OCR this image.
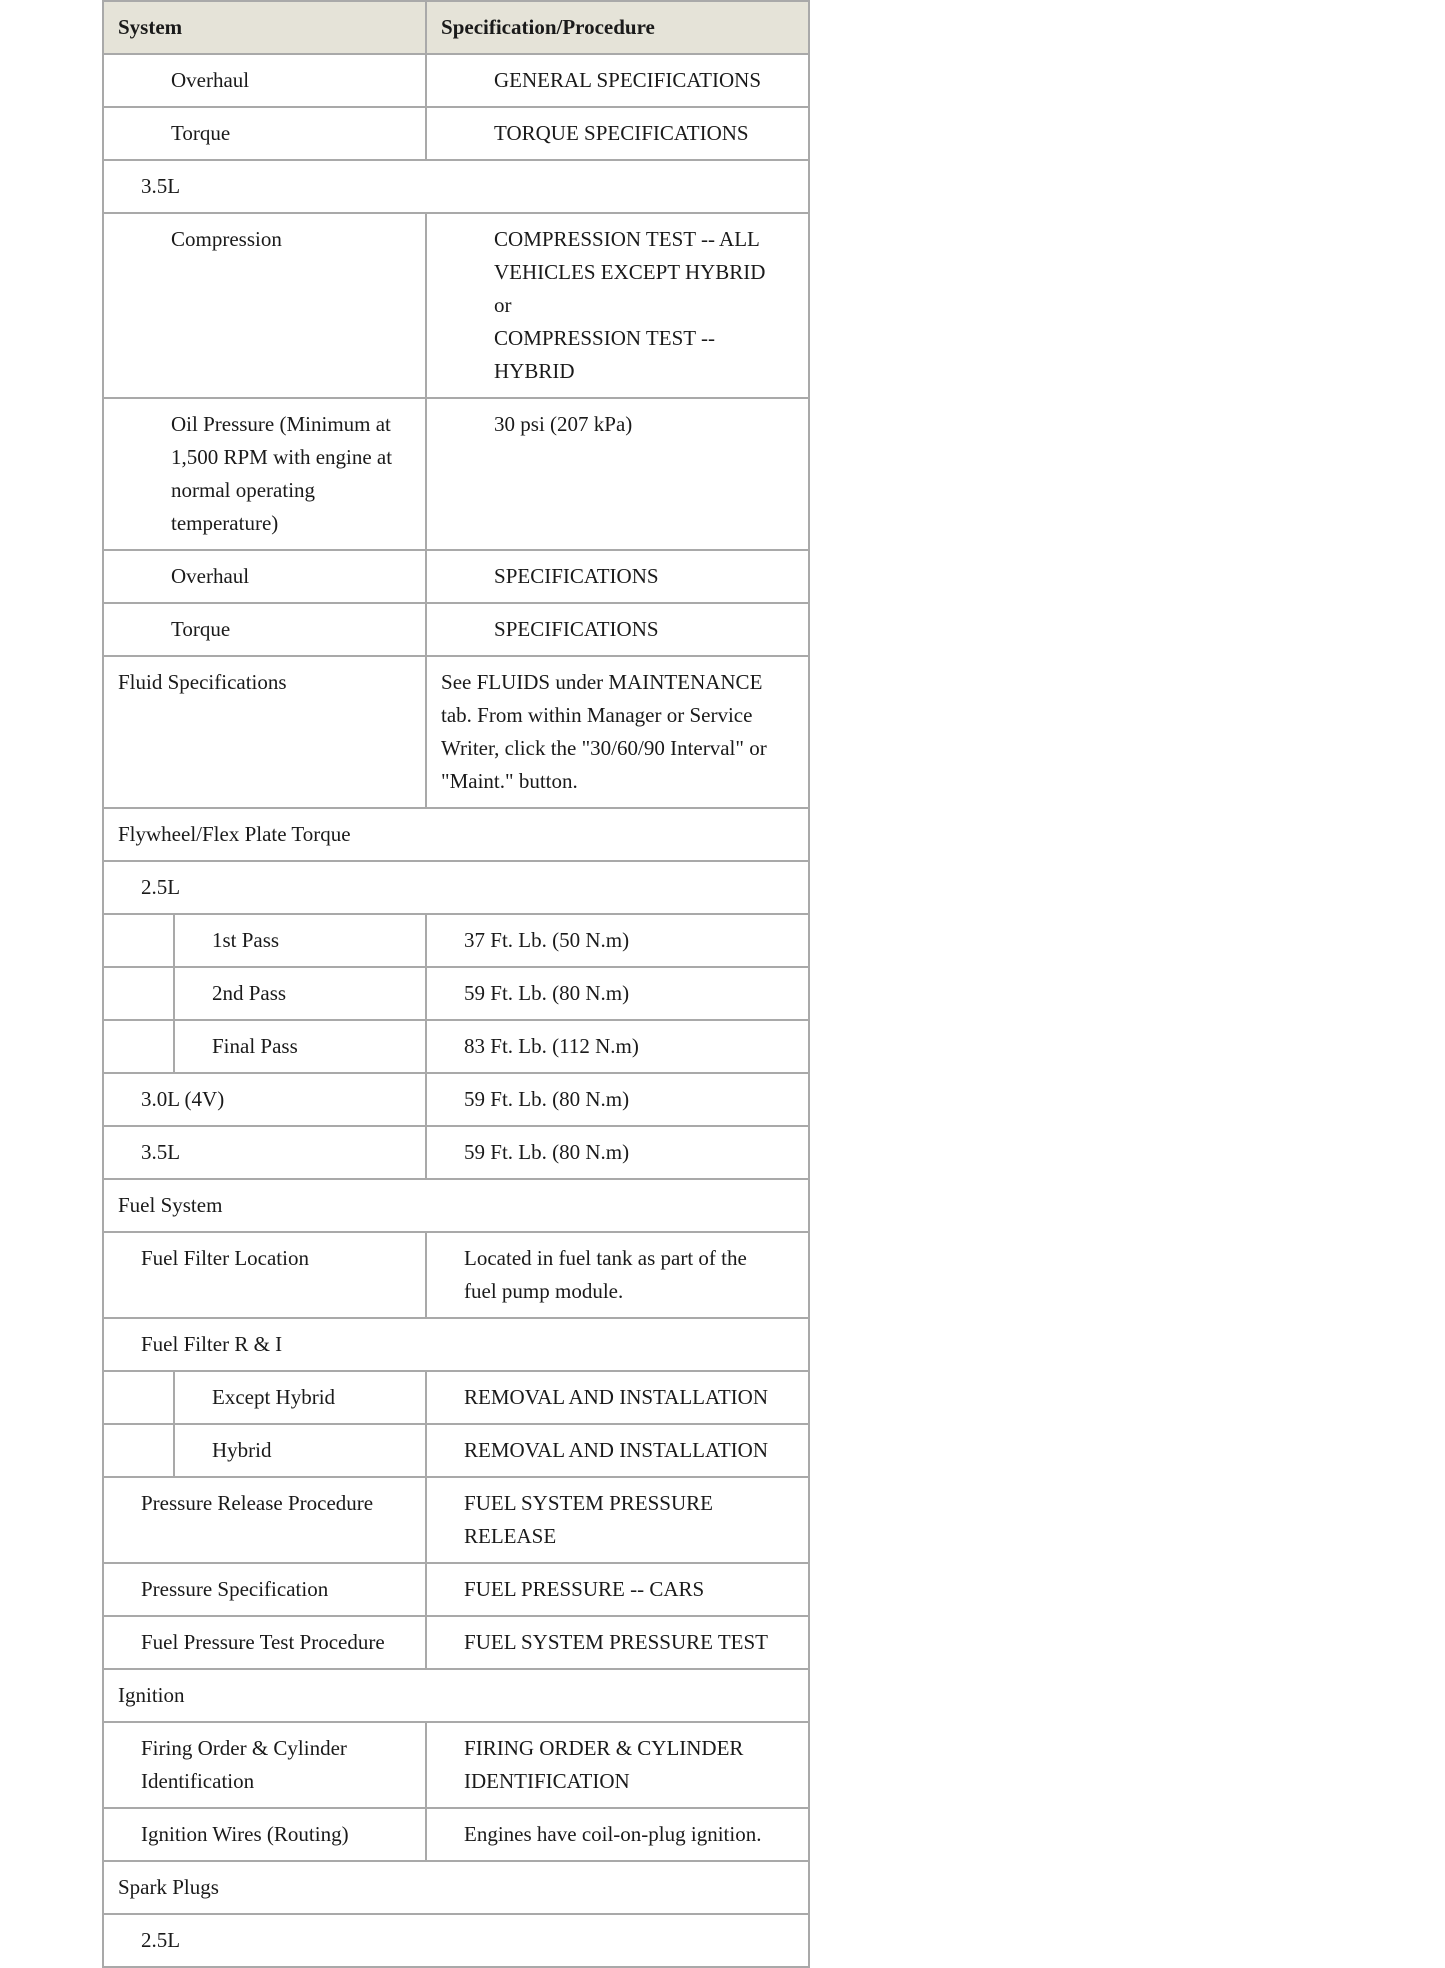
System		Specification/Procedure
Overhaul		GENERAL SPECIFICATIONS
Torque		TORQUE SPECIFICATIONS
3.5L		
Compression		COMPRESSION TEST -- ALL
VEHICLES EXCEPT HYBRID
or
COMPRESSION TEST --
HYBRID

Oil Pressure (Minimum at
1,500 RPM with engine at
normal operating
temperature)		30 psi (207 kPa)
Overhaul		SPECIFICATIONS
Torque		SPECIFICATIONS
Fluid Specifications		See FLUIDS under MAINTENANCE
tab. From within Manager or Service
Writer, click the "30/60/90 Interval" or
"Maint." button.

Flywheel/Flex Plate Torque		
2.5L		
	1st Pass	37 Ft. Lb. (50 N.m)
	2nd Pass	59 Ft. Lb. (80 N.m)
	Final Pass	83 Ft. Lb. (112 N.m)
3.0L (4V)		59 Ft. Lb. (80 N.m)
3.5L		59 Ft. Lb. (80 N.m)
Fuel System		
Fuel Filter Location		Located in fuel tank as part of the
fuel pump module.

Fuel Filter R & I		
	Except Hybrid	REMOVAL AND INSTALLATION
	Hybrid	REMOVAL AND INSTALLATION
Pressure Release Procedure		FUEL SYSTEM PRESSURE
RELEASE

Pressure Specification		FUEL PRESSURE -- CARS
Fuel Pressure Test Procedure		FUEL SYSTEM PRESSURE TEST
Ignition		

Firing Order & Cylinder
Identification		FIRING ORDER & CYLINDER
IDENTIFICATION

Ignition Wires (Routing)		Engines have coil-on-plug ignition.
Spark Plugs		
2.5L		
